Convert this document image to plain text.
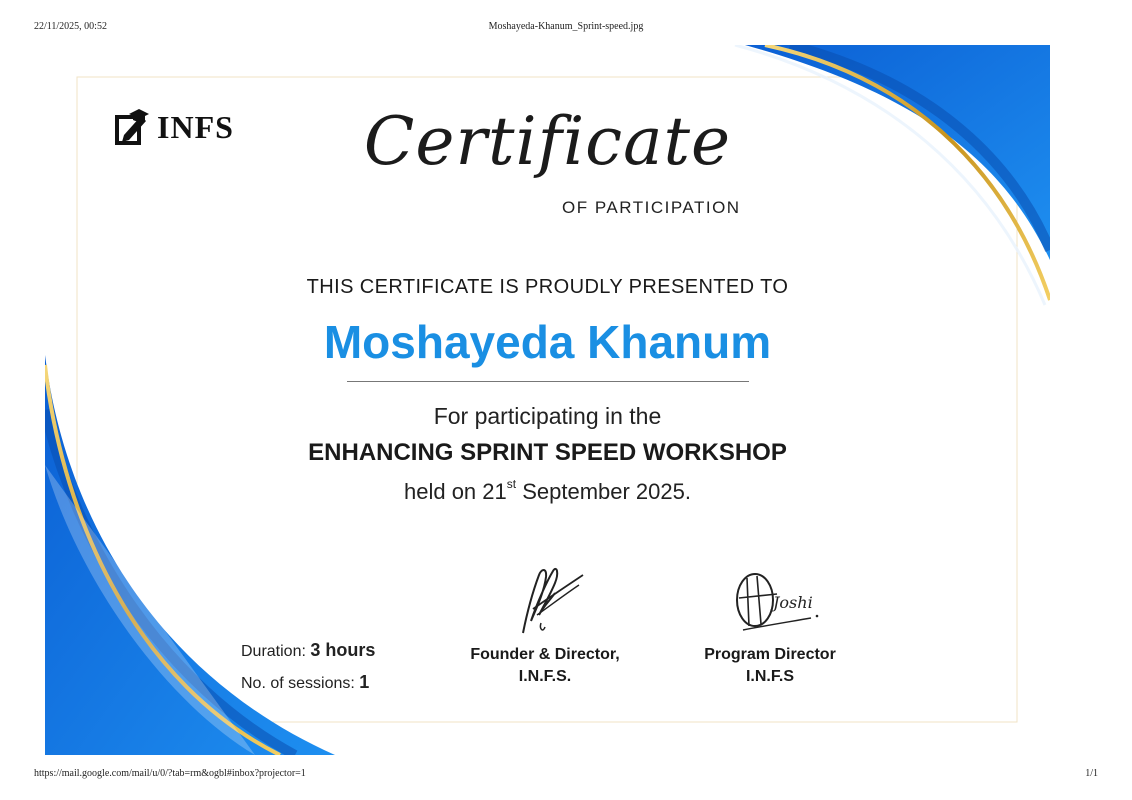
22/11/2025, 00:52	Moshayeda-Khanum_Sprint-speed.jpg
INFS	Certificate
OF PARTICIPATION
THIS CERTIFICATE IS PROUDLY PRESENTED TO
Moshayeda Khanum
For participating in the
ENHANCING SPRINT SPEED WORKSHOP
held on 21st September 2025.
Duration: 3 hours
No. of sessions: 1
Founder & Director,
I.N.F.S.
Joshi
Program Director
I.N.F.S
https://mail.google.com/mail/u/0/?tab=rm&ogbl#inbox?projector=1	1/1
